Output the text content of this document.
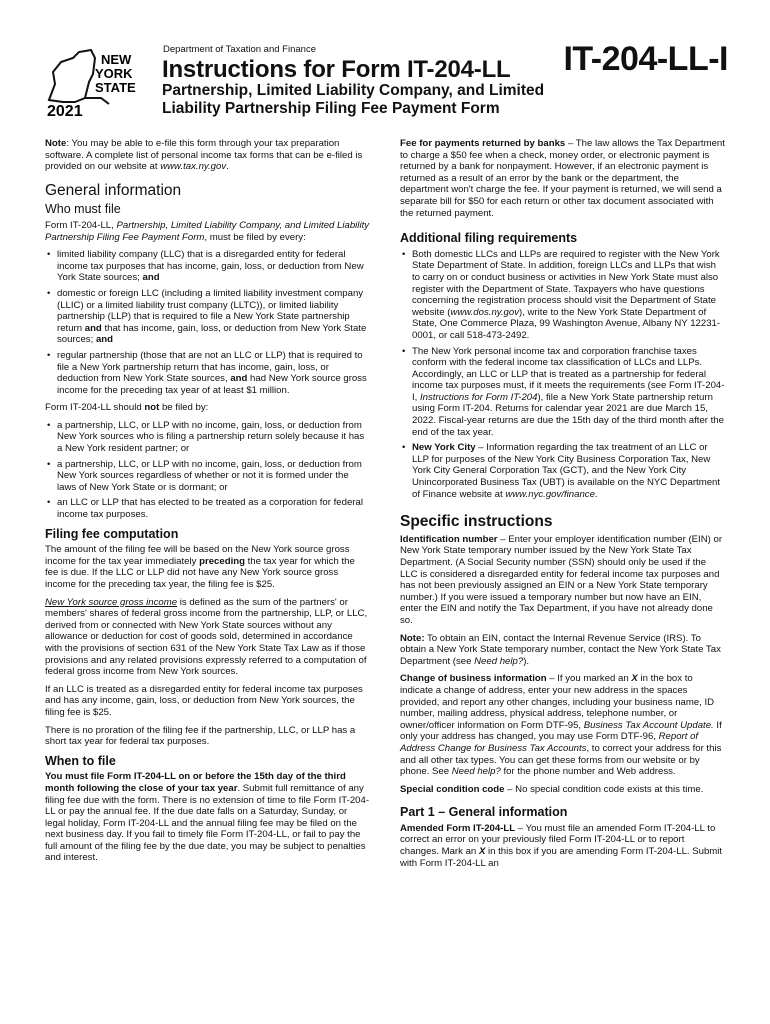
NEW
YORK
STATE
2021
Department of Taxation and Finance
Instructions for Form IT-204-LL
Partnership, Limited Liability Company, and Limited
Liability Partnership Filing Fee Payment Form
IT-204-LL-I

Note: You may be able to e-file this form through your tax preparation software. A complete list of personal income tax forms that can be e-filed is provided on our website at www.tax.ny.gov.

General information
Who must file

Form IT-204-LL, Partnership, Limited Liability Company, and Limited Liability Partnership Filing Fee Payment Form, must be filed by every:

• limited liability company (LLC) that is a disregarded entity for federal income tax purposes that has income, gain, loss, or deduction from New York State sources; and
• domestic or foreign LLC (including a limited liability investment company (LLIC) or a limited liability trust company (LLTC)), or limited liability partnership (LLP) that is required to file a New York State partnership return and that has income, gain, loss, or deduction from New York State sources; and
• regular partnership (those that are not an LLC or LLP) that is required to file a New York partnership return that has income, gain, loss, or deduction from New York State sources, and had New York source gross income for the preceding tax year of at least $1 million.

Form IT-204-LL should not be filed by:

• a partnership, LLC, or LLP with no income, gain, loss, or deduction from New York sources who is filing a partnership return solely because it has a New York resident partner; or
• a partnership, LLC, or LLP with no income, gain, loss, or deduction from New York sources regardless of whether or not it is formed under the laws of New York State or is dormant; or
• an LLC or LLP that has elected to be treated as a corporation for federal income tax purposes.
Filing fee computation

The amount of the filing fee will be based on the New York source gross income for the tax year immediately preceding the tax year for which the fee is due. If the LLC or LLP did not have any New York source gross income for the preceding tax year, the filing fee is $25.

New York source gross income is defined as the sum of the partners' or members' shares of federal gross income from the partnership, LLP, or LLC, derived from or connected with New York State sources without any allowance or deduction for cost of goods sold, determined in accordance with the provisions of section 631 of the New York State Tax Law as if those provisions and any related provisions expressly referred to a computation of federal gross income from New York sources.

If an LLC is treated as a disregarded entity for federal income tax purposes and has any income, gain, loss, or deduction from New York sources, the filing fee is $25.

There is no proration of the filing fee if the partnership, LLC, or LLP has a short tax year for federal tax purposes.

When to file

You must file Form IT-204-LL on or before the 15th day of the third month following the close of your tax year. Submit full remittance of any filing fee due with the form. There is no extension of time to file Form IT-204-LL or pay the annual fee. If the due date falls on a Saturday, Sunday, or legal holiday, Form IT-204-LL and the annual filing fee may be filed on the next business day. If you fail to timely file Form IT-204-LL, or fail to pay the full amount of the filing fee by the due date, you may be subject to penalties and interest.

Fee for payments returned by banks – The law allows the Tax Department to charge a $50 fee when a check, money order, or electronic payment is returned by a bank for nonpayment. However, if an electronic payment is returned as a result of an error by the bank or the department, the department won't charge the fee. If your payment is returned, we will send a separate bill for $50 for each return or other tax document associated with the returned payment.

Additional filing requirements
• Both domestic LLCs and LLPs are required to register with the New York State Department of State. In addition, foreign LLCs and LLPs that wish to carry on or conduct business or activities in New York State must also register with the Department of State. Taxpayers who have questions concerning the registration process should visit the Department of State website (www.dos.ny.gov), write to the New York State Department of State, One Commerce Plaza, 99 Washington Avenue, Albany NY 12231-0001, or call 518-473-2492.
• The New York personal income tax and corporation franchise taxes conform with the federal income tax classification of LLCs and LLPs. Accordingly, an LLC or LLP that is treated as a partnership for federal income tax purposes must, if it meets the requirements (see Form IT-204-I, Instructions for Form IT-204), file a New York State partnership return using Form IT-204. Returns for calendar year 2021 are due March 15, 2022. Fiscal-year returns are due the 15th day of the third month after the end of the tax year.
• New York City – Information regarding the tax treatment of an LLC or LLP for purposes of the New York City Business Corporation Tax, New York City General Corporation Tax (GCT), and the New York City Unincorporated Business Tax (UBT) is available on the NYC Department of Finance website at www.nyc.gov/finance.
Specific instructions

Identification number – Enter your employer identification number (EIN) or New York State temporary number issued by the New York State Tax Department. (A Social Security number (SSN) should only be used if the LLC is considered a disregarded entity for federal income tax purposes and has not been previously assigned an EIN or a New York State temporary number.) If you were issued a temporary number but now have an EIN, enter the EIN and notify the Tax Department, if you have not already done so.

Note: To obtain an EIN, contact the Internal Revenue Service (IRS). To obtain a New York State temporary number, contact the New York State Tax Department (see Need help?).

Change of business information – If you marked an X in the box to indicate a change of address, enter your new address in the spaces provided, and report any other changes, including your business name, ID number, mailing address, physical address, telephone number, or owner/officer information on Form DTF-95, Business Tax Account Update. If only your address has changed, you may use Form DTF-96, Report of Address Change for Business Tax Accounts, to correct your address for this and all other tax types. You can get these forms from our website or by phone. See Need help? for the phone number and Web address.

Special condition code – No special condition code exists at this time.

Part 1 – General information

Amended Form IT-204-LL – You must file an amended Form IT-204-LL to correct an error on your previously filed Form IT-204-LL or to report changes. Mark an X in this box if you are amending Form IT-204-LL. Submit with Form IT-204-LL an
